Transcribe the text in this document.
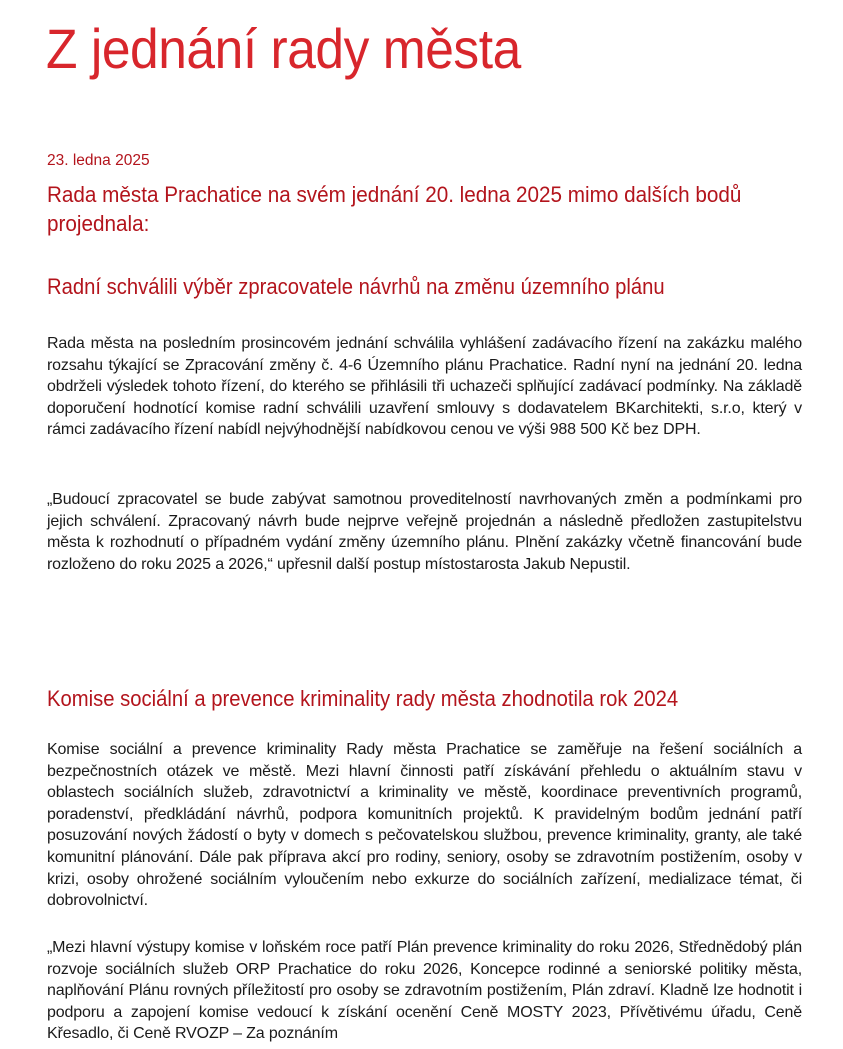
Z jednání rady města
23. ledna 2025
Rada města Prachatice na svém jednání 20. ledna 2025 mimo dalších bodů projednala:
Radní schválili výběr zpracovatele návrhů na změnu územního plánu

Rada města na posledním prosincovém jednání schválila vyhlášení zadávacího řízení na zakázku malého rozsahu týkající se Zpracování změny č. 4-6 Územního plánu Prachatice. Radní nyní na jednání 20. ledna obdrželi výsledek tohoto řízení, do kterého se přihlásili tři uchazeči splňující zadávací podmínky. Na základě doporučení hodnotící komise radní schválili uzavření smlouvy s dodavatelem BKarchitekti, s.r.o, který v rámci zadávacího řízení nabídl nejvýhodnější nabídkovou cenou ve výši 988 500 Kč bez DPH.

„Budoucí zpracovatel se bude zabývat samotnou proveditelností navrhovaných změn a podmínkami pro jejich schválení. Zpracovaný návrh bude nejprve veřejně projednán a následně předložen zastupitelstvu města k rozhodnutí o případném vydání změny územního plánu. Plnění zakázky včetně financování bude rozloženo do roku 2025 a 2026,“ upřesnil další postup místostarosta Jakub Nepustil.

Komise sociální a prevence kriminality rady města zhodnotila rok 2024

Komise sociální a prevence kriminality Rady města Prachatice se zaměřuje na řešení sociálních a bezpečnostních otázek ve městě. Mezi hlavní činnosti patří získávání přehledu o aktuálním stavu v oblastech sociálních služeb, zdravotnictví a kriminality ve městě, koordinace preventivních programů, poradenství, předkládání návrhů, podpora komunitních projektů. K pravidelným bodům jednání patří posuzování nových žádostí o byty v domech s pečovatelskou službou, prevence kriminality, granty, ale také komunitní plánování. Dále pak příprava akcí pro rodiny, seniory, osoby se zdravotním postižením, osoby v krizi, osoby ohrožené sociálním vyloučením nebo exkurze do sociálních zařízení, medializace témat, či dobrovolnictví.

„Mezi hlavní výstupy komise v loňském roce patří Plán prevence kriminality do roku 2026, Střednědobý plán rozvoje sociálních služeb ORP Prachatice do roku 2026, Koncepce rodinné a seniorské politiky města, naplňování Plánu rovných příležitostí pro osoby se zdravotním postižením, Plán zdraví. Kladně lze hodnotit i podporu a zapojení komise vedoucí k získání ocenění Ceně MOSTY 2023, Přívětivému úřadu, Ceně Křesadlo, či Ceně RVOZP – Za poznáním
